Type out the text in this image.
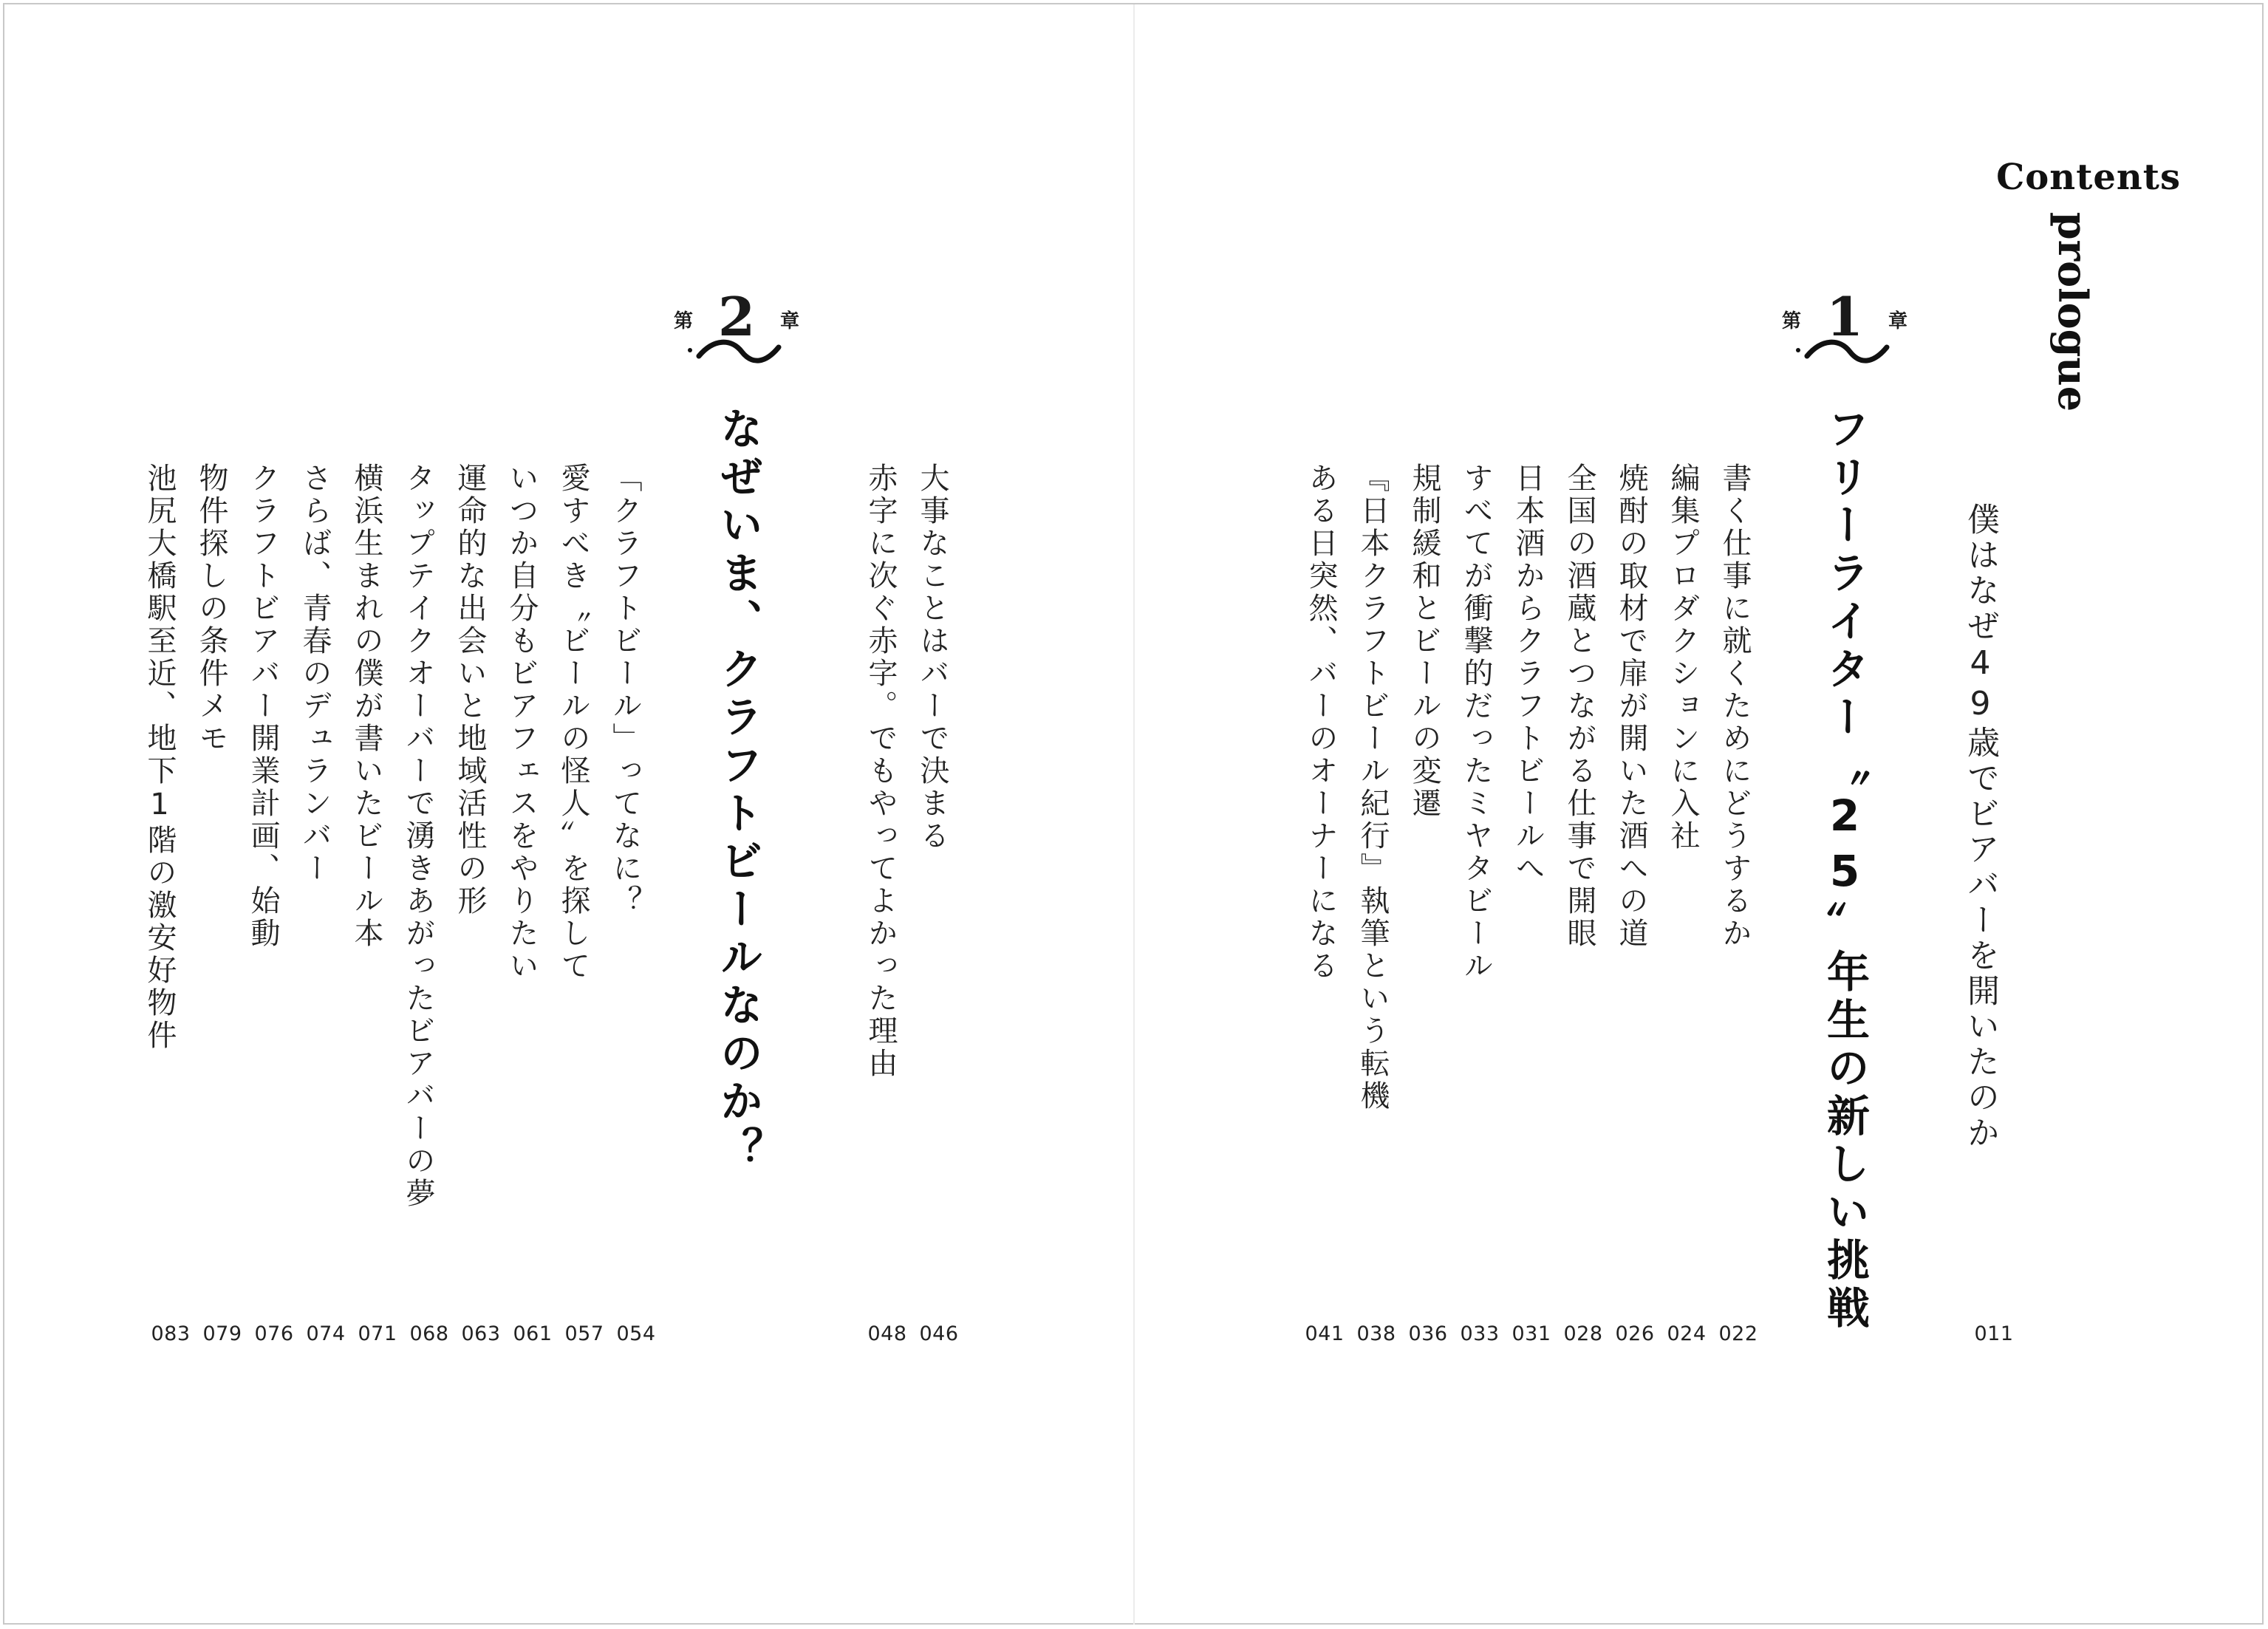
Contents
prologue
僕はなぜ49歳でビアバーを開いたのか
011
第 1	章
フリーライター〝25〟年生の新しい挑戦
書く仕事に就くためにどうするか
編集プロダクションに入社
焼酎の取材で扉が開いた酒への道
全国の酒蔵とつながる仕事で開眼
日本酒からクラフトビールへ
すべてが衝撃的だったミヤタビール
規制緩和とビールの変遷
『日本クラフトビール紀行』執筆という転機
ある日突然、バーのオーナーになる
041 038 036 033 031 028 026 024 022
大事なことはバーで決まる
赤字に次ぐ赤字。でもやってよかった理由
048 046
第 2	章
なぜいま、クラフトビールなのか？
「クラフトビール」ってなに？
愛すべき〝ビールの怪人〟を探して
いつか自分もビアフェスをやりたい
運命的な出会いと地域活性の形
タップテイクオーバーで湧きあがったビアバーの夢
横浜生まれの僕が書いたビール本
さらば、青春のデュランバー
クラフトビアバー開業計画、始動
物件探しの条件メモ
池尻大橋駅至近、地下1階の激安好物件
083 079 076 074 071 068 063 061 057 054
